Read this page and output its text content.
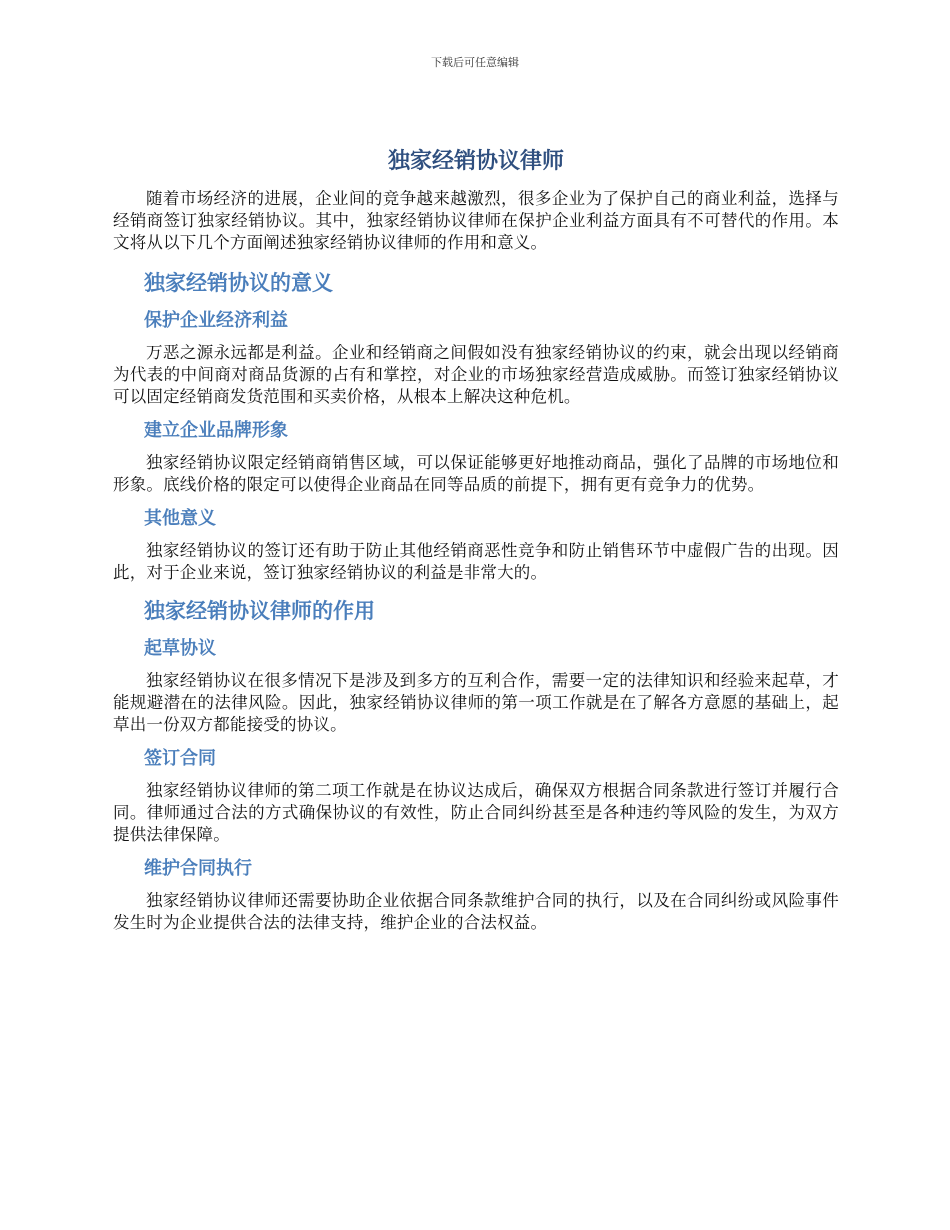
下载后可任意编辑
独家经销协议律师

随着市场经济的进展，企业间的竞争越来越激烈，很多企业为了保护自己的商业利益，选择与经销商签订独家经销协议。其中，独家经销协议律师在保护企业利益方面具有不可替代的作用。本文将从以下几个方面阐述独家经销协议律师的作用和意义。

独家经销协议的意义
保护企业经济利益

万恶之源永远都是利益。企业和经销商之间假如没有独家经销协议的约束，就会出现以经销商为代表的中间商对商品货源的占有和掌控，对企业的市场独家经营造成威胁。而签订独家经销协议可以固定经销商发货范围和买卖价格，从根本上解决这种危机。

建立企业品牌形象

独家经销协议限定经销商销售区域，可以保证能够更好地推动商品，强化了品牌的市场地位和形象。底线价格的限定可以使得企业商品在同等品质的前提下，拥有更有竞争力的优势。

其他意义

独家经销协议的签订还有助于防止其他经销商恶性竞争和防止销售环节中虚假广告的出现。因此，对于企业来说，签订独家经销协议的利益是非常大的。

独家经销协议律师的作用
起草协议

独家经销协议在很多情况下是涉及到多方的互利合作，需要一定的法律知识和经验来起草，才能规避潜在的法律风险。因此，独家经销协议律师的第一项工作就是在了解各方意愿的基础上，起草出一份双方都能接受的协议。

签订合同

独家经销协议律师的第二项工作就是在协议达成后，确保双方根据合同条款进行签订并履行合同。律师通过合法的方式确保协议的有效性，防止合同纠纷甚至是各种违约等风险的发生，为双方提供法律保障。

维护合同执行

独家经销协议律师还需要协助企业依据合同条款维护合同的执行，以及在合同纠纷或风险事件发生时为企业提供合法的法律支持，维护企业的合法权益。
